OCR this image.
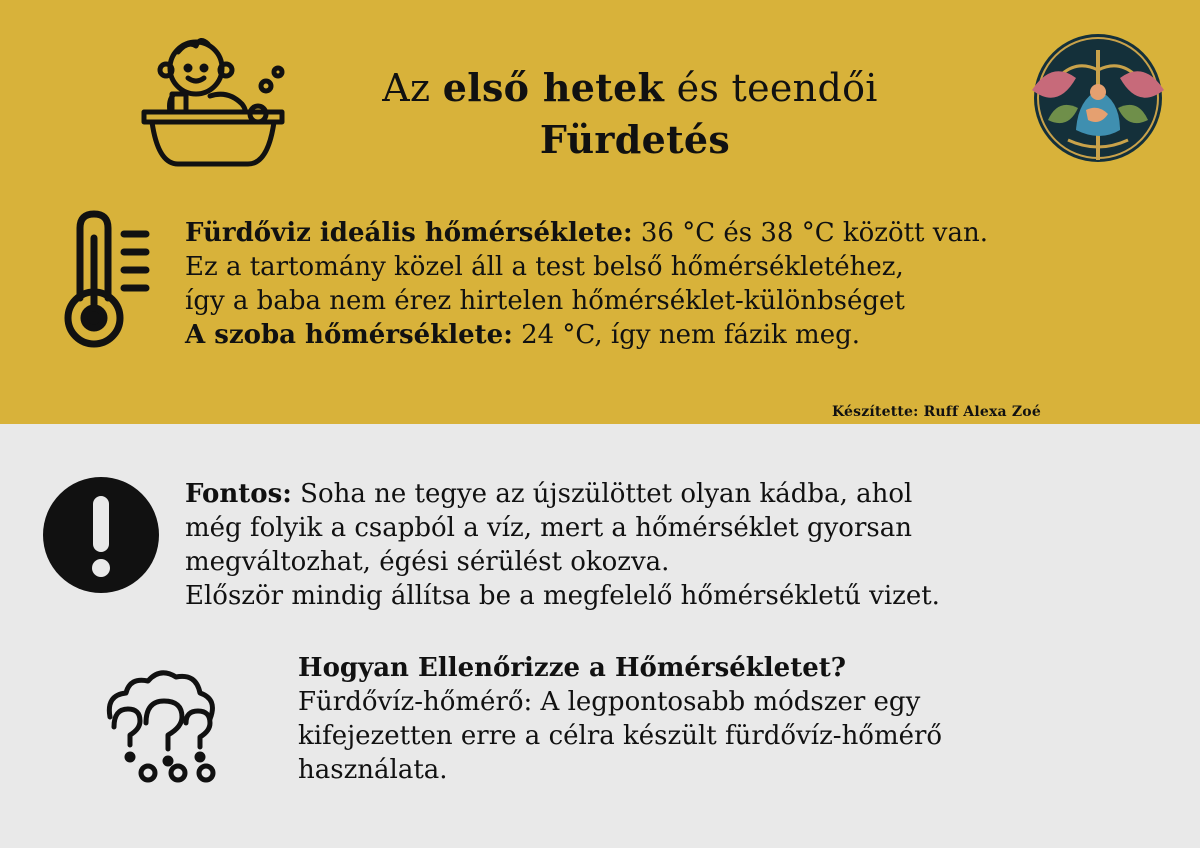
Az első hetek és teendői
Fürdetés
Fürdőviz ideális hőmérséklete: 36 °C és 38 °C között van.
Ez a tartomány közel áll a test belső hőmérsékletéhez,
így a baba nem érez hirtelen hőmérséklet-különbséget
A szoba hőmérséklete: 24 °C, így nem fázik meg.
Készítette: Ruff Alexa Zoé
Fontos: Soha ne tegye az újszülöttet olyan kádba, ahol
még folyik a csapból a víz, mert a hőmérséklet gyorsan
megváltozhat, égési sérülést okozva.
Először mindig állítsa be a megfelelő hőmérsékletű vizet.
Hogyan Ellenőrizze a Hőmérsékletet?
Fürdővíz-hőmérő: A legpontosabb módszer egy
kifejezetten erre a célra készült fürdővíz-hőmérő
használata.
